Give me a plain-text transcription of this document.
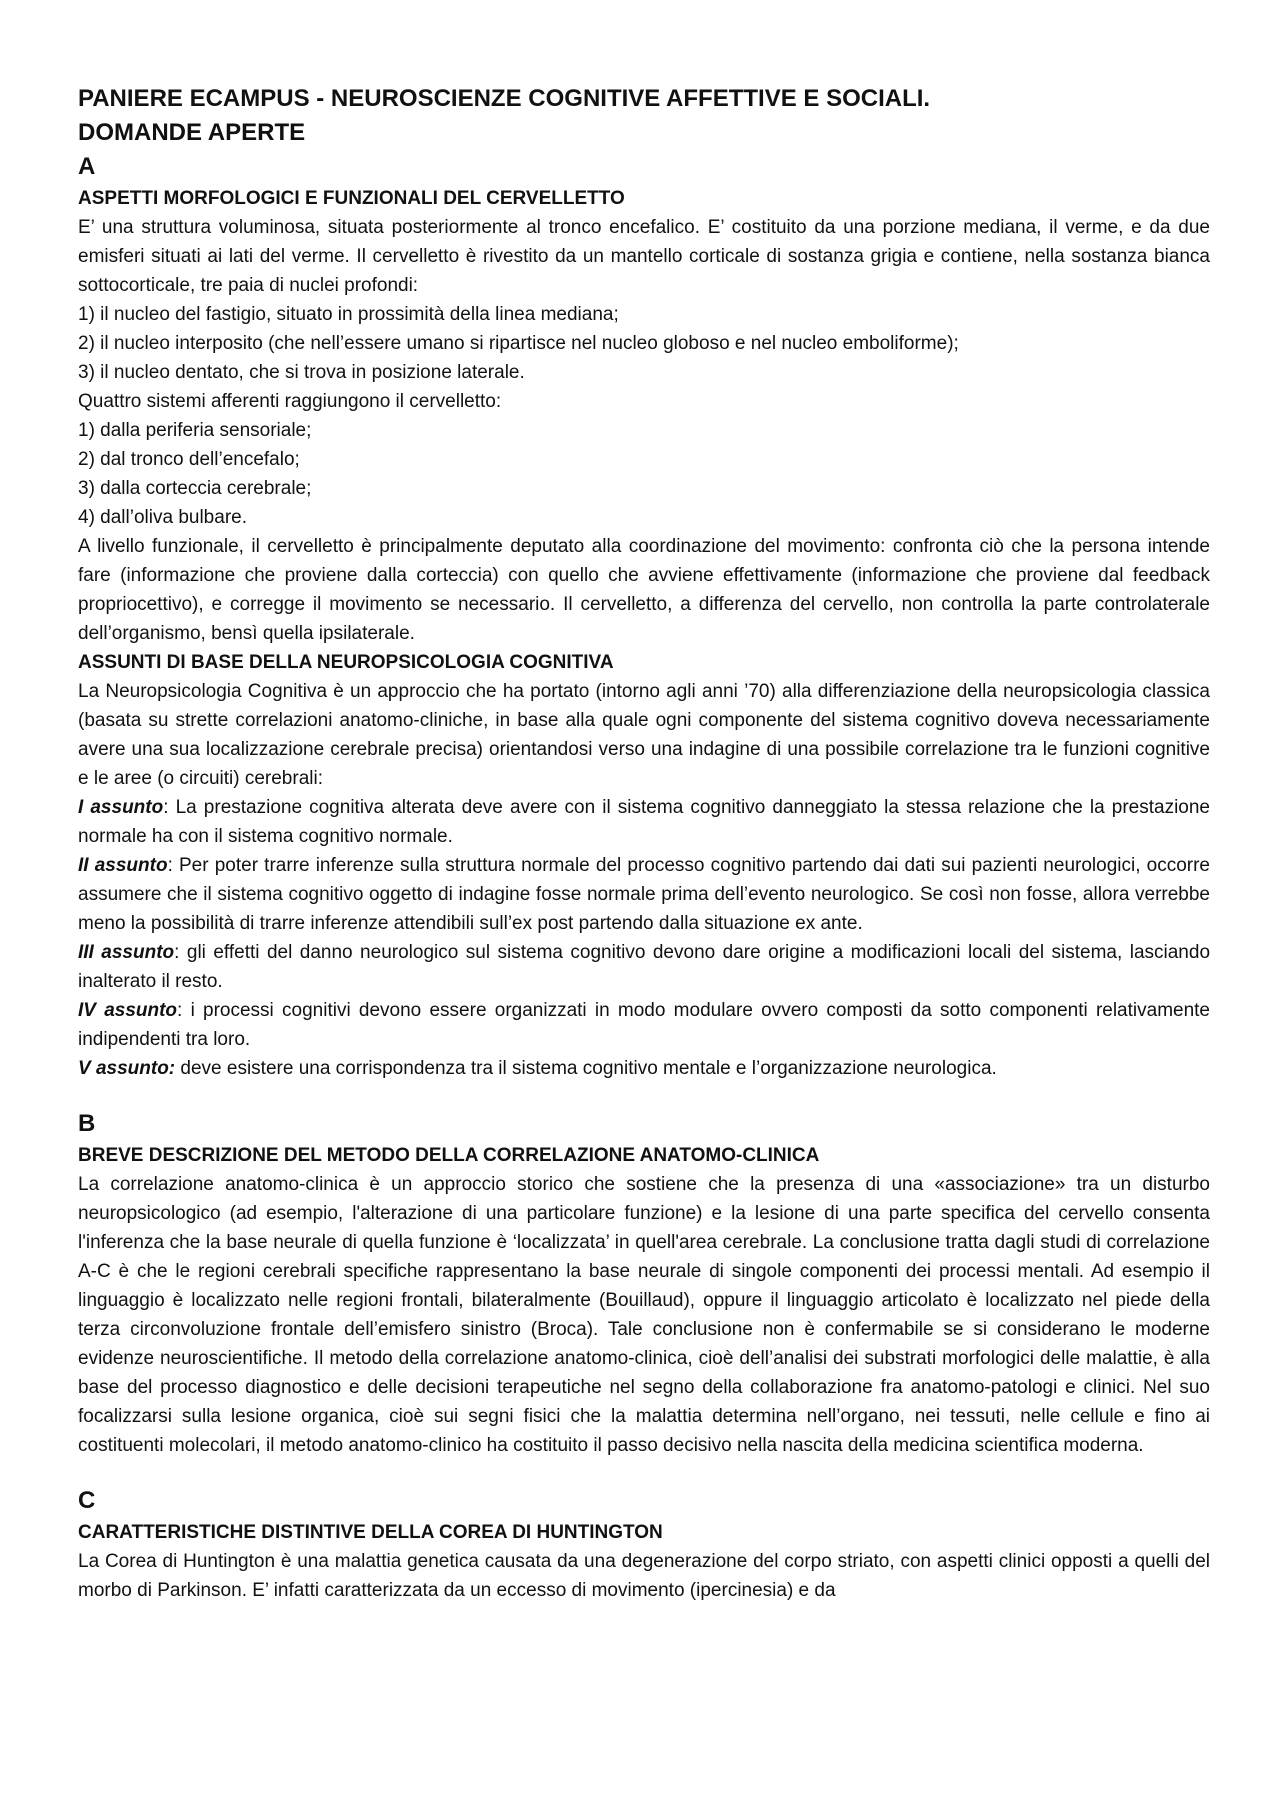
PANIERE ECAMPUS - NEUROSCIENZE COGNITIVE AFFETTIVE E SOCIALI.
DOMANDE APERTE
A
ASPETTI MORFOLOGICI E FUNZIONALI DEL CERVELLETTO

E’ una struttura voluminosa, situata posteriormente al tronco encefalico. E’ costituito da una porzione mediana, il verme, e da due emisferi situati ai lati del verme. Il cervelletto è rivestito da un mantello corticale di sostanza grigia e contiene, nella sostanza bianca sottocorticale, tre paia di nuclei profondi:

1) il nucleo del fastigio, situato in prossimità della linea mediana;
2) il nucleo interposito (che nell’essere umano si ripartisce nel nucleo globoso e nel nucleo emboliforme);
3) il nucleo dentato, che si trova in posizione laterale.
Quattro sistemi afferenti raggiungono il cervelletto:
1) dalla periferia sensoriale;
2) dal tronco dell’encefalo;
3) dalla corteccia cerebrale;
4) dall’oliva bulbare.

A livello funzionale, il cervelletto è principalmente deputato alla coordinazione del movimento: confronta ciò che la persona intende fare (informazione che proviene dalla corteccia) con quello che avviene effettivamente (informazione che proviene dal feedback propriocettivo), e corregge il movimento se necessario. Il cervelletto, a differenza del cervello, non controlla la parte controlaterale dell’organismo, bensì quella ipsilaterale.

ASSUNTI DI BASE DELLA NEUROPSICOLOGIA COGNITIVA

La Neuropsicologia Cognitiva è un approccio che ha portato (intorno agli anni ’70) alla differenziazione della neuropsicologia classica (basata su strette correlazioni anatomo-cliniche, in base alla quale ogni componente del sistema cognitivo doveva necessariamente avere una sua localizzazione cerebrale precisa) orientandosi verso una indagine di una possibile correlazione tra le funzioni cognitive e le aree (o circuiti) cerebrali:

I assunto: La prestazione cognitiva alterata deve avere con il sistema cognitivo danneggiato la stessa relazione che la prestazione normale ha con il sistema cognitivo normale.

II assunto: Per poter trarre inferenze sulla struttura normale del processo cognitivo partendo dai dati sui pazienti neurologici, occorre assumere che il sistema cognitivo oggetto di indagine fosse normale prima dell’evento neurologico. Se così non fosse, allora verrebbe meno la possibilità di trarre inferenze attendibili sull’ex post partendo dalla situazione ex ante.

III assunto: gli effetti del danno neurologico sul sistema cognitivo devono dare origine a modificazioni locali del sistema, lasciando inalterato il resto.

IV assunto: i processi cognitivi devono essere organizzati in modo modulare ovvero composti da sotto componenti relativamente indipendenti tra loro.

V assunto: deve esistere una corrispondenza tra il sistema cognitivo mentale e l’organizzazione neurologica.

B
BREVE DESCRIZIONE DEL METODO DELLA CORRELAZIONE ANATOMO-CLINICA

La correlazione anatomo-clinica è un approccio storico che sostiene che la presenza di una «associazione» tra un disturbo neuropsicologico (ad esempio, l'alterazione di una particolare funzione) e la lesione di una parte specifica del cervello consenta l'inferenza che la base neurale di quella funzione è ‘localizzata’ in quell'area cerebrale. La conclusione tratta dagli studi di correlazione A-C è che le regioni cerebrali specifiche rappresentano la base neurale di singole componenti dei processi mentali. Ad esempio il linguaggio è localizzato nelle regioni frontali, bilateralmente (Bouillaud), oppure il linguaggio articolato è localizzato nel piede della terza circonvoluzione frontale dell’emisfero sinistro (Broca). Tale conclusione non è confermabile se si considerano le moderne evidenze neuroscientifiche. Il metodo della correlazione anatomo-clinica, cioè dell’analisi dei substrati morfologici delle malattie, è alla base del processo diagnostico e delle decisioni terapeutiche nel segno della collaborazione fra anatomo-patologi e clinici. Nel suo focalizzarsi sulla lesione organica, cioè sui segni fisici che la malattia determina nell’organo, nei tessuti, nelle cellule e fino ai costituenti molecolari, il metodo anatomo-clinico ha costituito il passo decisivo nella nascita della medicina scientifica moderna.

C
CARATTERISTICHE DISTINTIVE DELLA COREA DI HUNTINGTON

La Corea di Huntington è una malattia genetica causata da una degenerazione del corpo striato, con aspetti clinici opposti a quelli del morbo di Parkinson. E’ infatti caratterizzata da un eccesso di movimento (ipercinesia) e da
